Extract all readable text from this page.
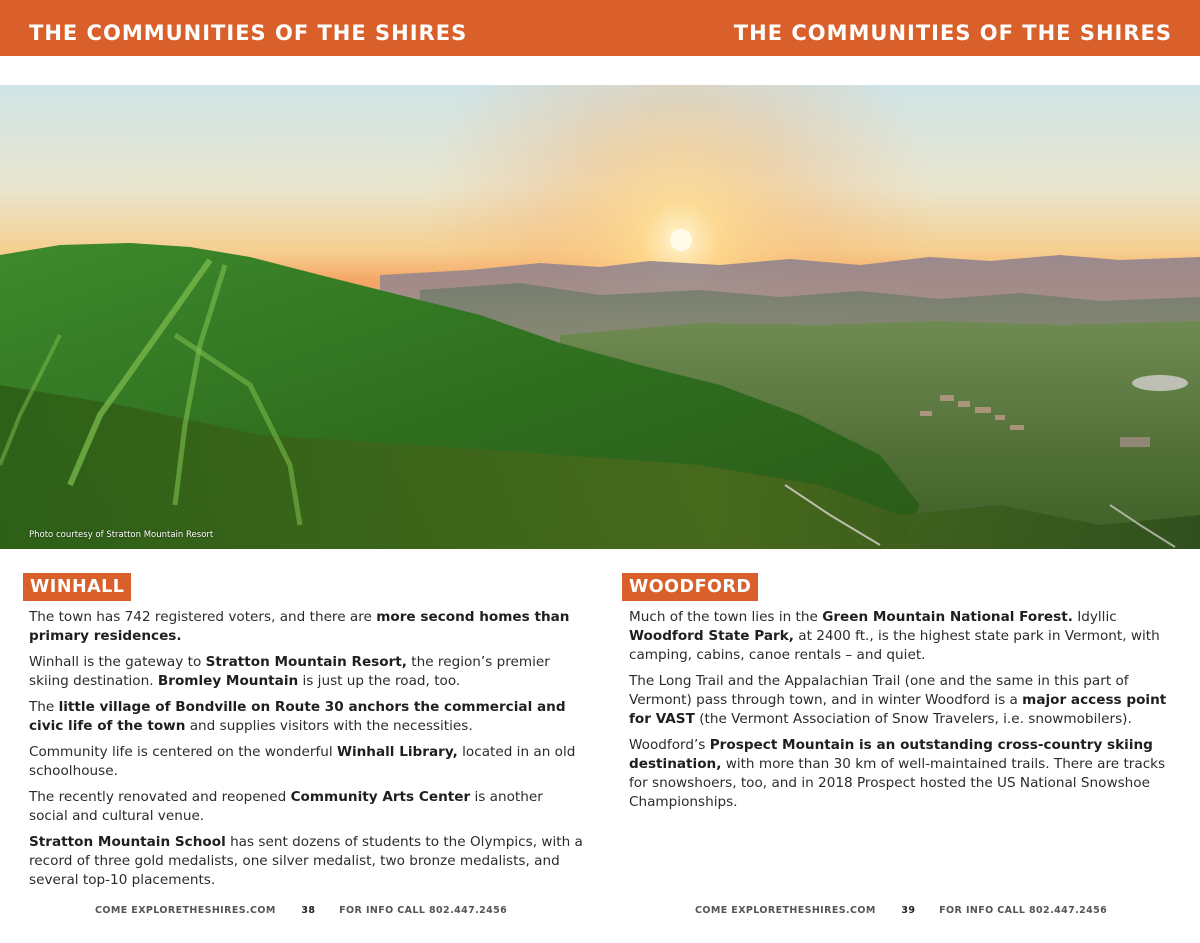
THE COMMUNITIES OF THE SHIRES	THE COMMUNITIES OF THE SHIRES
Photo courtesy of Stratton Mountain Resort
WINHALL

The town has 742 registered voters, and there are more second homes than primary residences.

Winhall is the gateway to Stratton Mountain Resort, the region’s premier skiing destination. Bromley Mountain is just up the road, too.

The little village of Bondville on Route 30 anchors the commercial and civic life of the town and supplies visitors with the necessities.

Community life is centered on the wonderful Winhall Library, located in an old schoolhouse.

The recently renovated and reopened Community Arts Center is another social and cultural venue.

Stratton Mountain School has sent dozens of students to the Olympics, with a record of three gold medalists, one silver medalist, two bronze medalists, and several top-10 placements.

WOODFORD

Much of the town lies in the Green Mountain National Forest. Idyllic Woodford State Park, at 2400 ft., is the highest state park in Vermont, with camping, cabins, canoe rentals – and quiet.

The Long Trail and the Appalachian Trail (one and the same in this part of Vermont) pass through town, and in winter Woodford is a major access point for VAST (the Vermont Association of Snow Travelers, i.e. snowmobilers).

Woodford’s Prospect Mountain is an outstanding cross-country skiing destination, with more than 30 km of well-maintained trails. There are tracks for snowshoers, too, and in 2018 Prospect hosted the US National Snowshoe Championships.

COME EXPLORETHESHIRES.COM	38 FOR INFO CALL 802.447.2456	COME EXPLORETHESHIRES.COM	39 FOR INFO CALL 802.447.2456
